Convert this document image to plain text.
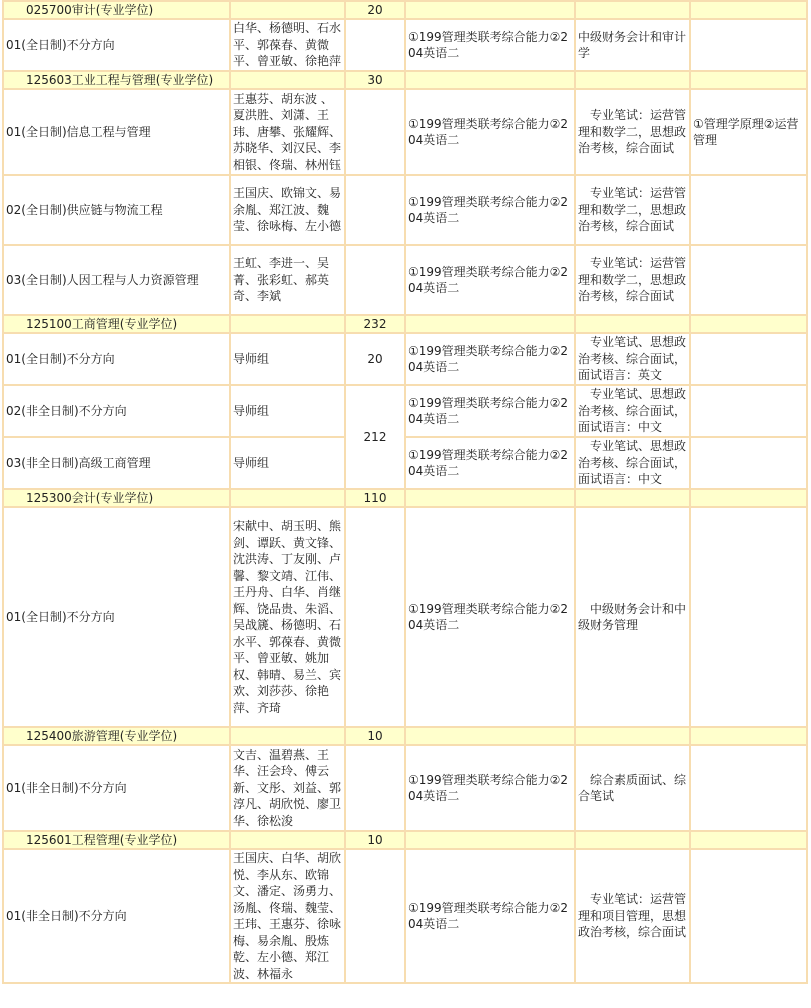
025700审计(专业学位)		20			
01(全日制)不分方向	白华、杨德明、石水平、郭葆春、黄微平、曾亚敏、徐艳萍		①199管理类联考综合能力②204英语二	中级财务会计和审计学	
125603工业工程与管理(专业学位)		30			
01(全日制)信息工程与管理	王惠芬、胡东波 、夏洪胜、刘潇、王玮、唐攀、张耀辉、苏晓华、刘汉民、李相银、佟瑞、林州钰		①199管理类联考综合能力②204英语二	　专业笔试：运营管理和数学二，思想政治考核，综合面试	①管理学原理②运营管理
02(全日制)供应链与物流工程	王国庆、欧锦文、易余胤、郑江波、魏莹、徐咏梅、左小德		①199管理类联考综合能力②204英语二	　专业笔试：运营管理和数学二，思想政治考核，综合面试	
03(全日制)人因工程与人力资源管理	王虹、李进一、吴菁、张彩虹、郝英奇、李斌		①199管理类联考综合能力②204英语二	　专业笔试：运营管理和数学二，思想政治考核，综合面试	
125100工商管理(专业学位)		232			
01(全日制)不分方向	导师组	20	①199管理类联考综合能力②204英语二	　专业笔试、思想政治考核、综合面试，面试语言：英文	
02(非全日制)不分方向	导师组	212	①199管理类联考综合能力②204英语二	　专业笔试、思想政治考核、综合面试，面试语言：中文	
03(非全日制)高级工商管理	导师组		①199管理类联考综合能力②204英语二	　专业笔试、思想政治考核、综合面试，面试语言：中文	
125300会计(专业学位)		110			
01(全日制)不分方向	宋献中、胡玉明、熊剑、谭跃、黄文锋、沈洪涛、丁友刚、卢馨、黎文靖、江伟、王丹舟、白华、肖继辉、饶品贵、朱滔、吴战篪、杨德明、石水平、郭葆春、黄微平、曾亚敏、姚加权、韩晴、易兰、宾欢、刘莎莎、徐艳萍、齐琦		①199管理类联考综合能力②204英语二	　中级财务会计和中级财务管理	
125400旅游管理(专业学位)		10			
01(非全日制)不分方向	文吉、温碧燕、王华、汪会玲、傅云新、文彤、刘益、郭淳凡、胡欣悦、廖卫华、徐松浚		①199管理类联考综合能力②204英语二	　综合素质面试、综合笔试	
125601工程管理(专业学位)		10			
01(非全日制)不分方向	王国庆、白华、胡欣悦、李从东、欧锦文、潘定、汤勇力、汤胤、佟瑞、魏莹、王玮、王惠芬、徐咏梅、易余胤、殷炼乾、左小德、郑江波、林福永		①199管理类联考综合能力②204英语二	　专业笔试：运营管理和项目管理，思想政治考核，综合面试	
